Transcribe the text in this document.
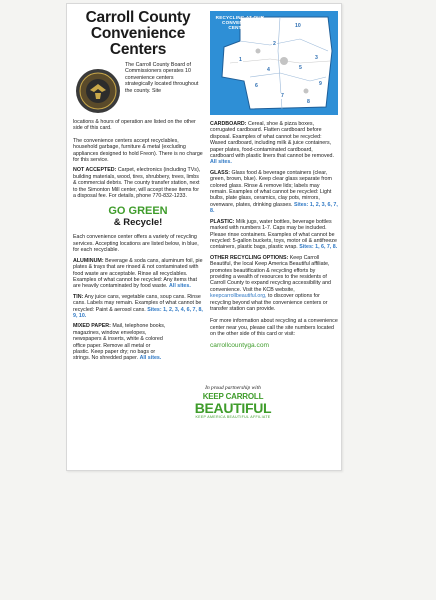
Carroll County Convenience Centers
The Carroll County Board of Commissioners operates 10 convenience centers strategically located throughout the county. Site

locations & hours of operation are listed on the other side of this card.

The convenience centers accept recyclables, household garbage, furniture & metal (excluding appliances designed to hold Freon). There is no charge for this service.

NOT ACCEPTED: Carpet, electronics (including TVs), building materials, wood, tires, shrubbery, trees, limbs & commercial debris. The county transfer station, next to the Simonton Mill center, will accept these items for a disposal fee. For details, phone 770-832-1233.

GO GREEN
& Recycle!

Each convenience center offers a variety of recycling services. Accepting locations are listed below, in blue, for each recyclable.

ALUMINUM: Beverage & soda cans, aluminum foil, pie plates & trays that are rinsed & not contaminated with food waste are acceptable. Rinse all recyclables. Examples of what cannot be recycled: Any items that are heavily contaminated by food waste. All sites.

TIN: Any juice cans, vegetable cans, soup cans. Rinse cans. Labels may remain. Examples of what cannot be recycled: Paint & aerosol cans. Sites: 1, 2, 3, 4, 6, 7, 8, 9, 10.

MIXED PAPER: Mail, telephone books, magazines, window envelopes, newspapers & inserts, white & colored office paper. Remove all metal or plastic. Keep paper dry; no bags or strings. No shredded paper. All sites.

RECYCLING AT OUR CONVENIENCE CENTERS	10
1
2
3
4	5
6
7
8
9

CARDBOARD: Cereal, shoe & pizza boxes, corrugated cardboard. Flatten cardboard before disposal. Examples of what cannot be recycled: Waxed cardboard, including milk & juice containers, paper plates, food-contaminated cardboard, cardboard with plastic liners that cannot be removed. All sites.

GLASS: Glass food & beverage containers (clear, green, brown, blue). Keep clear glass separate from colored glass. Rinse & remove lids; labels may remain. Examples of what cannot be recycled: Light bulbs, plate glass, ceramics, clay pots, mirrors, ovenware, plates, drinking glasses. Sites: 1, 2, 3, 6, 7, 8.

PLASTIC: Milk jugs, water bottles, beverage bottles marked with numbers 1-7. Caps may be included. Please rinse containers. Examples of what cannot be recycled: 5-gallon buckets, toys, motor oil & antifreeze containers, plastic bags, plastic wrap. Sites: 1, 6, 7, 8.

OTHER RECYCLING OPTIONS: Keep Carroll Beautiful, the local Keep America Beautiful affiliate, promotes beautification & recycling efforts by providing a wealth of resources to the residents of Carroll County to expand recycling accessibility and convenience. Visit the KCB website, keepcarrollbeautiful.org, to discover options for recycling beyond what the convenience centers or transfer station can provide.

For more information about recycling at a convenience center near you, please call the site numbers located on the other side of this card or visit:

carrollcountyga.com
In proud partnership with
KEEP CARROLL
BEAUTIFUL
KEEP AMERICA BEAUTIFUL AFFILIATE
